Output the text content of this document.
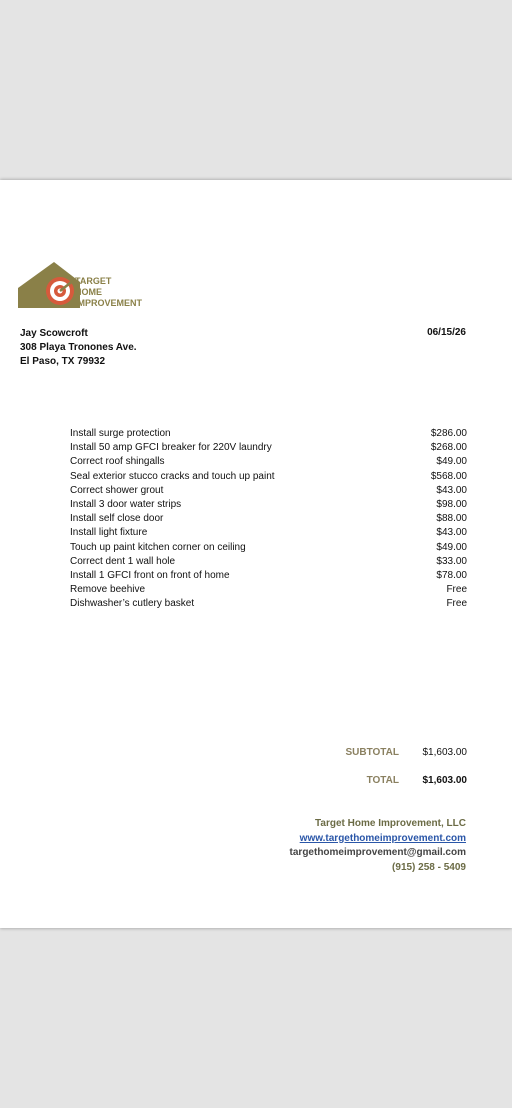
TARGET
HOME
IMPROVEMENT
Jay Scowcroft
308 Playa Tronones Ave.
El Paso, TX 79932
06/15/26
Install surge protection	$286.00
Install 50 amp GFCI breaker for 220V laundry	$268.00
Correct roof shingalls	$49.00
Seal exterior stucco cracks and touch up paint	$568.00
Correct shower grout	$43.00
Install 3 door water strips	$98.00
Install self close door	$88.00
Install light fixture	$43.00
Touch up paint kitchen corner on ceiling	$49.00
Correct dent 1 wall hole	$33.00
Install 1 GFCI front on front of home	$78.00
Remove beehive	Free
Dishwasher’s cutlery basket	Free
SUBTOTAL	$1,603.00
TOTAL	$1,603.00
Target Home Improvement, LLC
www.targethomeimprovement.com
targethomeimprovement@gmail.com
(915) 258 - 5409
